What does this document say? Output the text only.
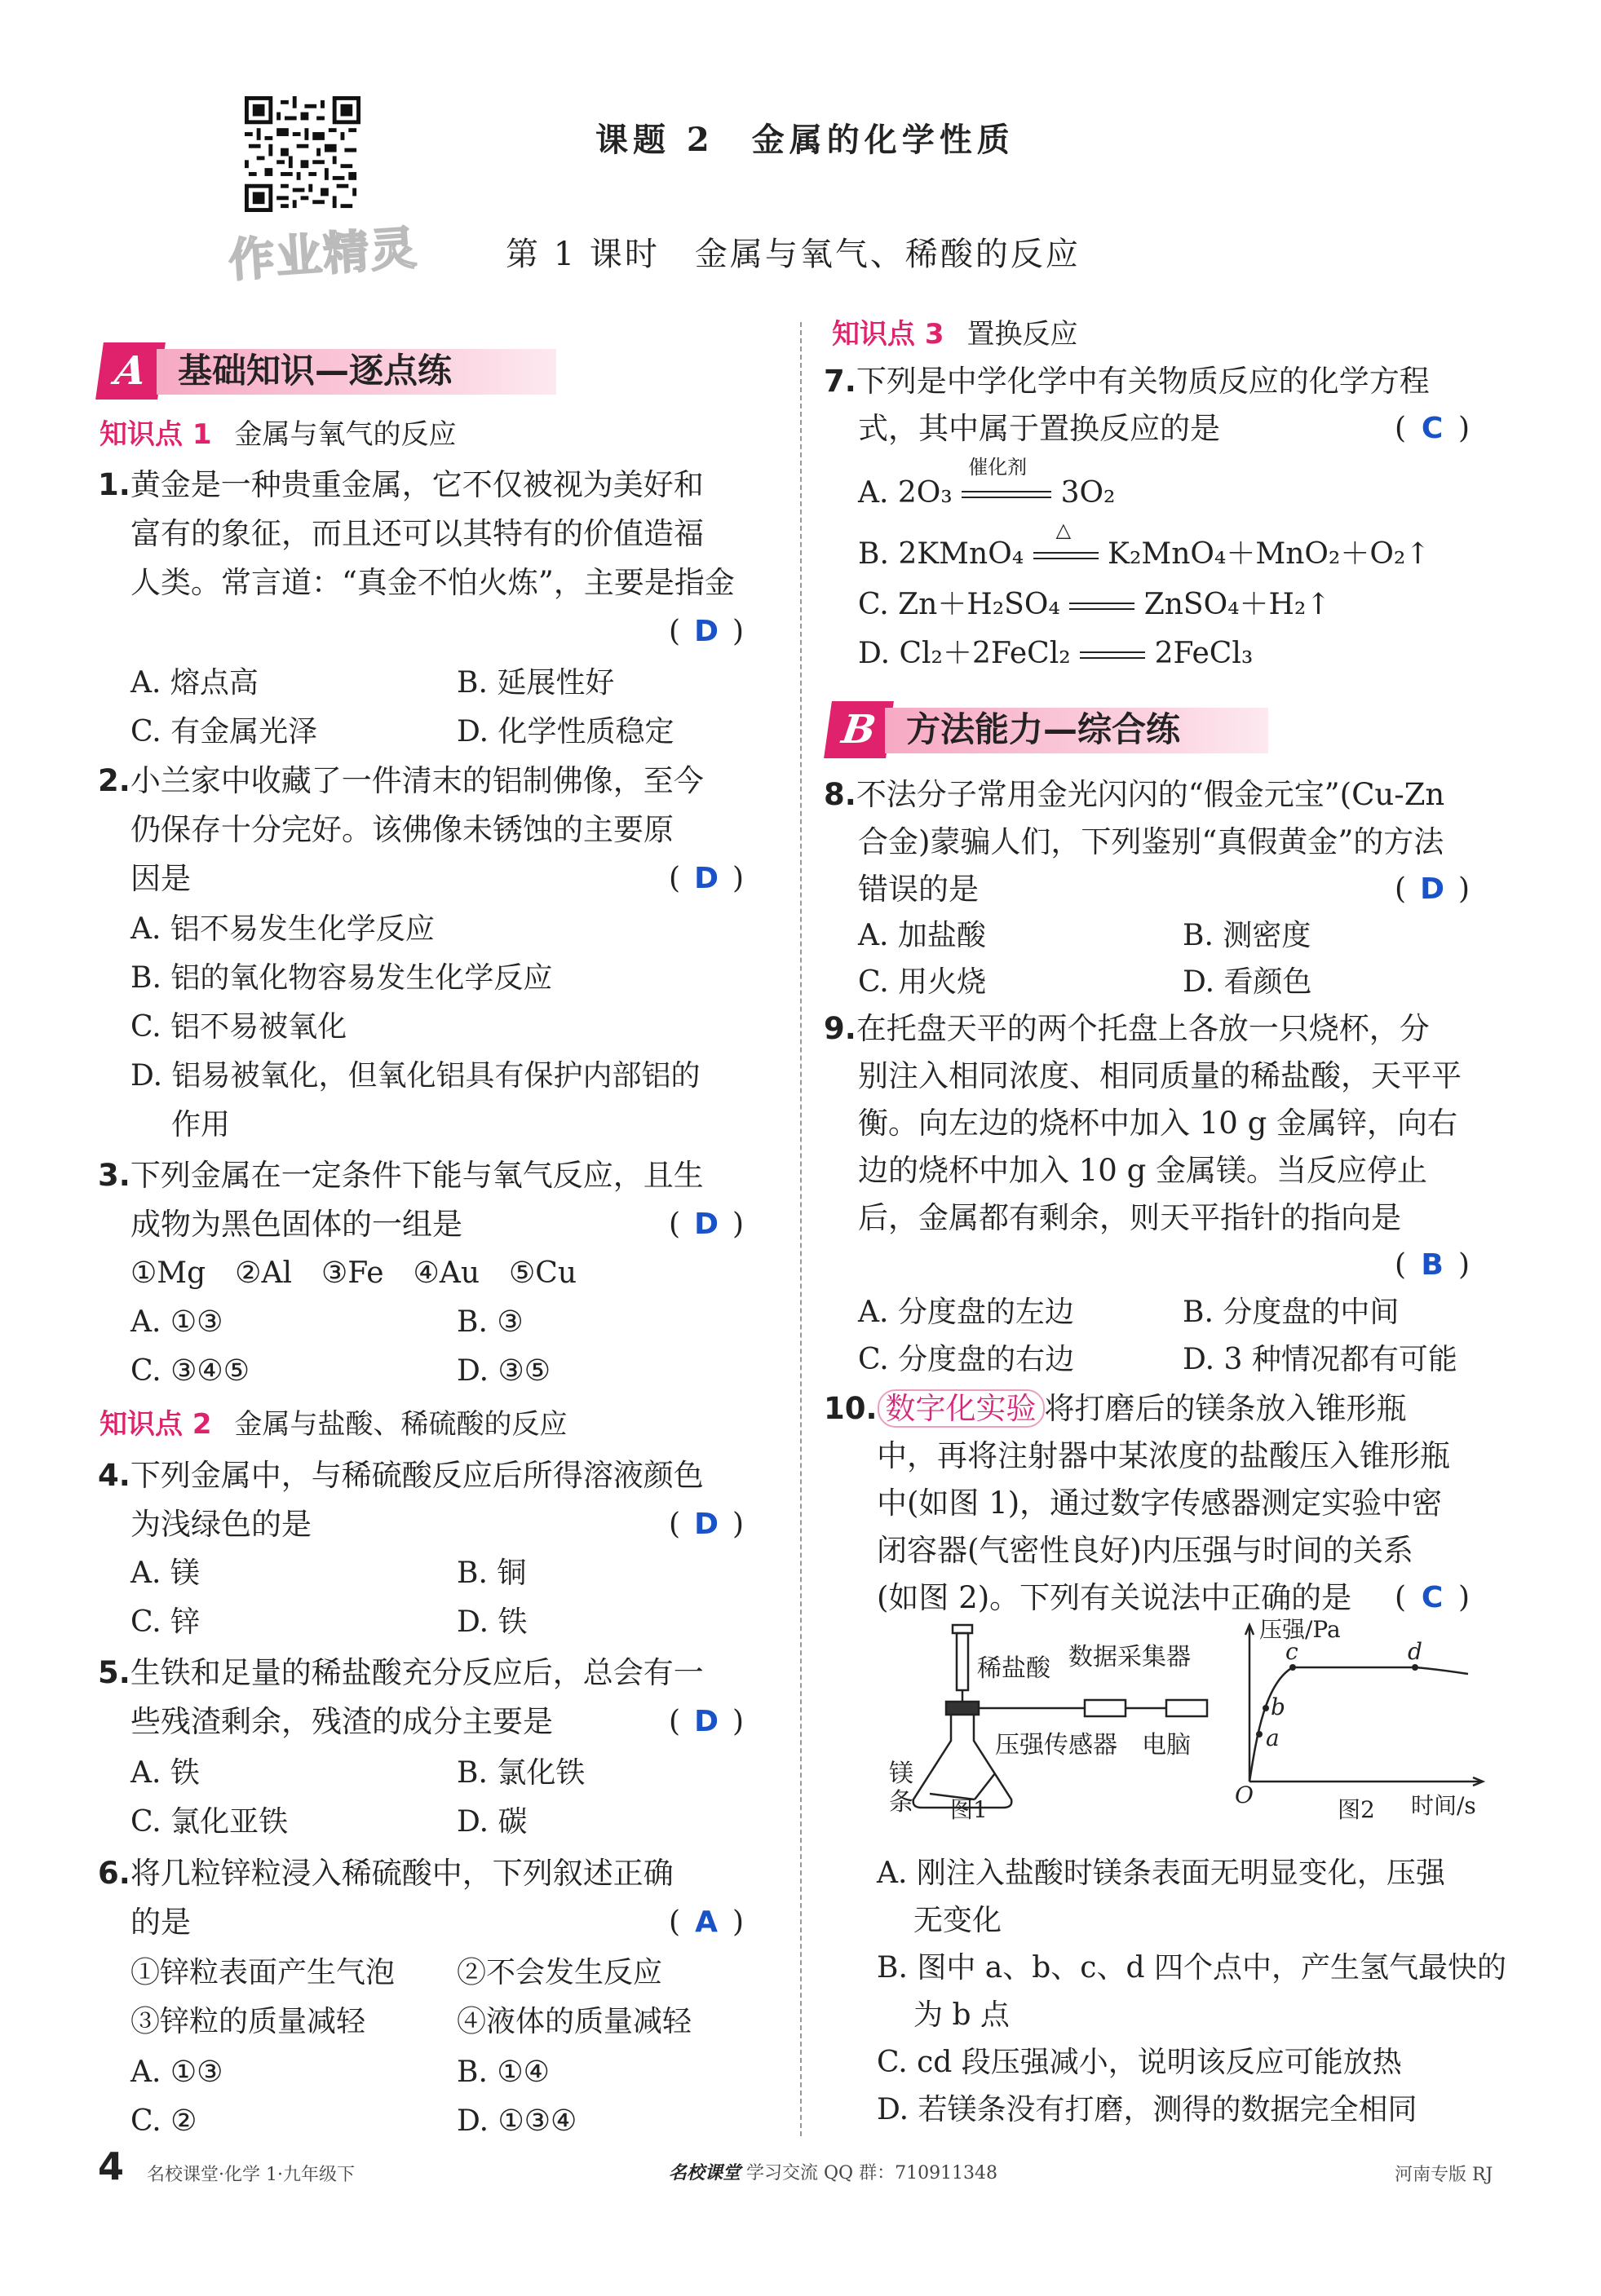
作业精灵
课题 2　金属的化学性质
第 1 课时　金属与氧气、稀酸的反应
A 基础知识—逐点练
知识点 1 金属与氧气的反应
1.黄金是一种贵重金属，它不仅被视为美好和
富有的象征，而且还可以其特有的价值造福
人类。常言道：“真金不怕火炼”，主要是指金
( D )
A. 熔点高	B. 延展性好
C. 有金属光泽	D. 化学性质稳定
2.小兰家中收藏了一件清末的铝制佛像，至今
仍保存十分完好。该佛像未锈蚀的主要原
因是	( D )
A. 铝不易发生化学反应
B. 铝的氧化物容易发生化学反应
C. 铝不易被氧化
D. 铝易被氧化，但氧化铝具有保护内部铝的
作用
3.下列金属在一定条件下能与氧气反应，且生
成物为黑色固体的一组是	( D )
①Mg　②Al　③Fe　④Au　⑤Cu
A. ①③	B. ③
C. ③④⑤	D. ③⑤
知识点 2 金属与盐酸、稀硫酸的反应
4.下列金属中，与稀硫酸反应后所得溶液颜色
为浅绿色的是	( D )
A. 镁	B. 铜
C. 锌	D. 铁
5.生铁和足量的稀盐酸充分反应后，总会有一
些残渣剩余，残渣的成分主要是	( D )
A. 铁	B. 氯化铁
C. 氯化亚铁	D. 碳
6.将几粒锌粒浸入稀硫酸中，下列叙述正确
的是	( A )
①锌粒表面产生气泡 ②不会发生反应
③锌粒的质量减轻	④液体的质量减轻
A. ①③	B. ①④
C. ②	D. ①③④
知识点 3 置换反应
7.下列是中学化学中有关物质反应的化学方程
式，其中属于置换反应的是	( C )
A. 2O₃
催化剂
3O₂
B. 2KMnO₄
△
K₂MnO₄＋MnO₂＋O₂↑
C. Zn＋H₂SO₄	ZnSO₄＋H₂↑
D. Cl₂＋2FeCl₂	2FeCl₃
B 方法能力—综合练
8.不法分子常用金光闪闪的“假金元宝”(Cu-Zn
合金)蒙骗人们，下列鉴别“真假黄金”的方法
错误的是	( D )
A. 加盐酸	B. 测密度
C. 用火烧	D. 看颜色
9.在托盘天平的两个托盘上各放一只烧杯，分
别注入相同浓度、相同质量的稀盐酸，天平平
衡。向左边的烧杯中加入 10 g 金属锌，向右
边的烧杯中加入 10 g 金属镁。当反应停止
后，金属都有剩余，则天平指针的指向是
( B )
A. 分度盘的左边	B. 分度盘的中间
C. 分度盘的右边	D. 3 种情况都有可能
10. 数字化实验 将打磨后的镁条放入锥形瓶
中，再将注射器中某浓度的盐酸压入锥形瓶
中(如图 1)，通过数字传感器测定实验中密
闭容器(气密性良好)内压强与时间的关系
(如图 2)。下列有关说法中正确的是 ( C )
稀盐酸 数据采集器
压强传感器 电脑
镁
条 图1
压强/Pa
时间/s
O
a
b
c	d
图2
A. 刚注入盐酸时镁条表面无明显变化，压强
无变化
B. 图中 a、b、c、d 四个点中，产生氢气最快的
为 b 点
C. cd 段压强减小，说明该反应可能放热
D. 若镁条没有打磨，测得的数据完全相同
4 名校课堂·化学 1·九年级下	名校课堂 学习交流 QQ 群：710911348	河南专版 RJ
